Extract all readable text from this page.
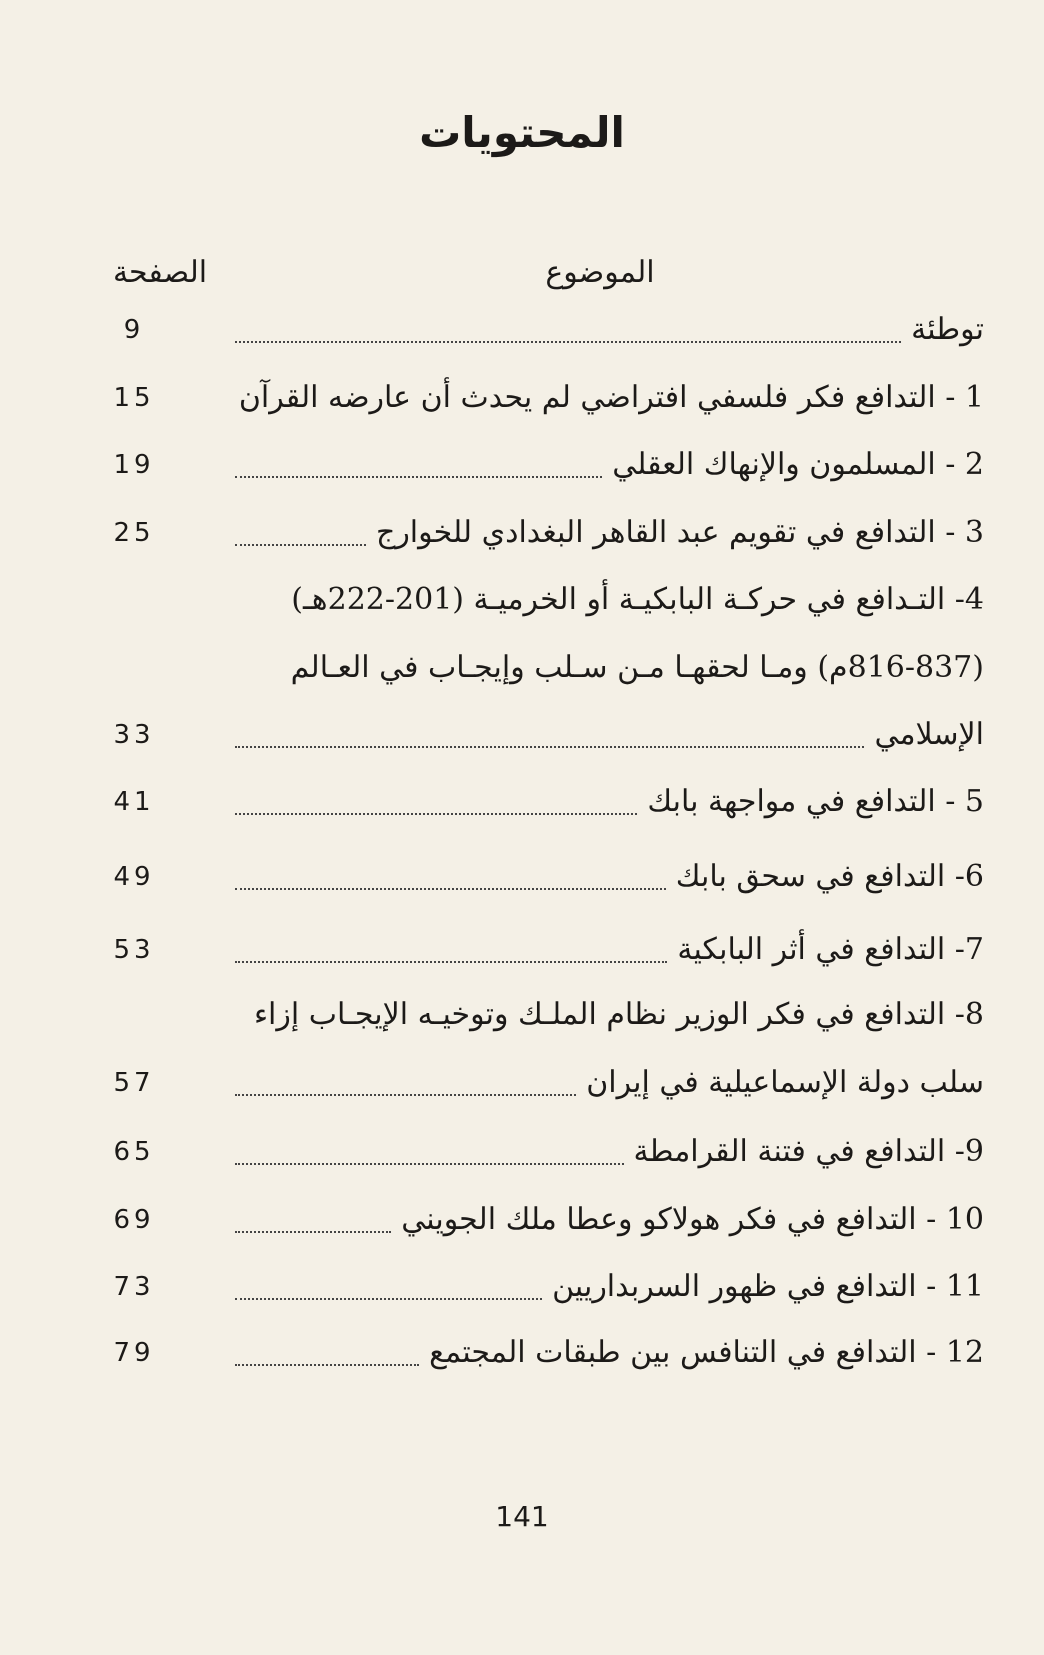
المحتويات
الموضوع
الصفحة
توطئة
9
1 - التدافع فكر فلسفي افتراضي لم يحدث أن عارضه القرآن
15
2 - المسلمون والإنهاك العقلي
19
3 - التدافع في تقويم عبد القاهر البغدادي للخوارج
25
4- التـدافع في حركـة البابكيـة أو الخرميـة (201-222هـ)
(816-837م) ومـا لحقهـا مـن سـلب وإيجـاب في العـالم
الإسلامي
33
5 - التدافع في مواجهة بابك
41
6- التدافع في سحق بابك
49
7- التدافع في أثر البابكية
53
8- التدافع في فكر الوزير نظام الملـك وتوخيـه الإيجـاب إزاء
سلب دولة الإسماعيلية في إيران
57
9- التدافع في فتنة القرامطة
65
10 - التدافع في فكر هولاكو وعطا ملك الجويني
69
11 - التدافع في ظهور السربداريين
73
12 - التدافع في التنافس بين طبقات المجتمع
79
141
